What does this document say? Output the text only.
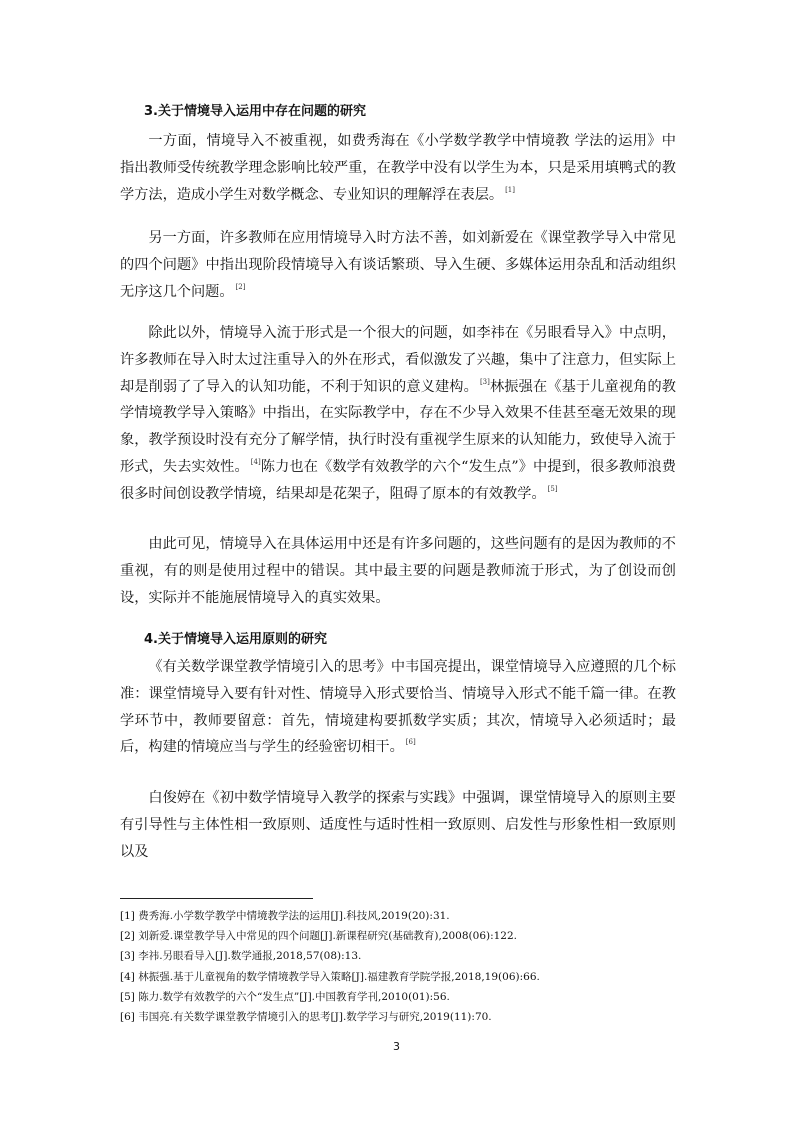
3.关于情境导入运用中存在问题的研究

一方面，情境导入不被重视，如费秀海在《小学数学教学中情境教 学法的运用》中指出教师受传统教学理念影响比较严重，在教学中没有以学生为本，只是采用填鸭式的教学方法，造成小学生对数学概念、专业知识的理解浮在表层。 [1]

另一方面，许多教师在应用情境导入时方法不善，如刘新爱在《课堂教学导入中常见的四个问题》中指出现阶段情境导入有谈话繁琐、导入生硬、多媒体运用杂乱和活动组织无序这几个问题。 [2]

除此以外，情境导入流于形式是一个很大的问题，如李祎在《另眼看导入》中点明，许多教师在导入时太过注重导入的外在形式，看似激发了兴趣，集中了注意力，但实际上却是削弱了了导入的认知功能，不利于知识的意义建构。 [3]林振强在《基于儿童视角的教学情境教学导入策略》中指出，在实际教学中，存在不少导入效果不佳甚至毫无效果的现象，教学预设时没有充分了解学情，执行时没有重视学生原来的认知能力，致使导入流于形式，失去实效性。 [4]陈力也在《数学有效教学的六个“发生点”》中提到，很多教师浪费很多时间创设教学情境，结果却是花架子，阻碍了原本的有效教学。 [5]

由此可见，情境导入在具体运用中还是有许多问题的，这些问题有的是因为教师的不重视，有的则是使用过程中的错误。其中最主要的问题是教师流于形式，为了创设而创设，实际并不能施展情境导入的真实效果。

4.关于情境导入运用原则的研究

《有关数学课堂教学情境引入的思考》中韦国亮提出，课堂情境导入应遵照的几个标准：课堂情境导入要有针对性、情境导入形式要恰当、情境导入形式不能千篇一律。在教学环节中，教师要留意：首先，情境建构要抓数学实质；其次，情境导入必须适时；最后，构建的情境应当与学生的经验密切相干。 [6]

白俊婷在《初中数学情境导入教学的探索与实践》中强调，课堂情境导入的原则主要有引导性与主体性相一致原则、适度性与适时性相一致原则、启发性与形象性相一致原则以及

[1] 费秀海.小学数学教学中情境教学法的运用[J].科技风,2019(20):31.
[2] 刘新爱.课堂教学导入中常见的四个问题[J].新课程研究(基础教育),2008(06):122.
[3] 李祎.另眼看导入[J].数学通报,2018,57(08):13.
[4] 林振强.基于儿童视角的数学情境教学导入策略[J].福建教育学院学报,2018,19(06):66.
[5] 陈力.数学有效教学的六个“发生点”[J].中国教育学刊,2010(01):56.
[6] 韦国亮.有关数学课堂教学情境引入的思考[J].数学学习与研究,2019(11):70.
3
